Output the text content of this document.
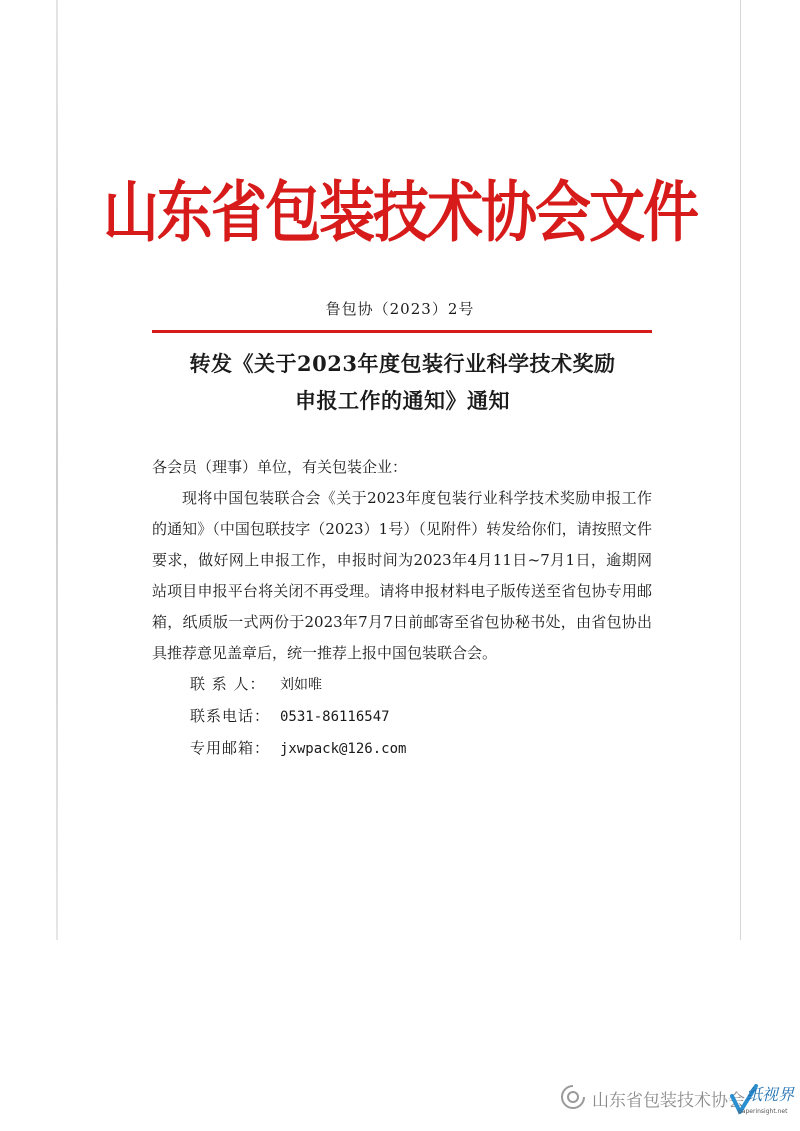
山东省包装技术协会文件
鲁包协（2023）2号
转发《关于2023年度包装行业科学技术奖励
申报工作的通知》通知

各会员（理事）单位，有关包装企业：

现将中国包装联合会《关于2023年度包装行业科学技术奖励申报工作的通知》（中国包联技字（2023）1号）（见附件）转发给你们，请按照文件要求，做好网上申报工作，申报时间为2023年4月11日~7月1日，逾期网站项目申报平台将关闭不再受理。请将申报材料电子版传送至省包协专用邮箱，纸质版一式两份于2023年7月7日前邮寄至省包协秘书处，由省包协出具推荐意见盖章后，统一推荐上报中国包装联合会。

联 系 人： 刘如唯

联系电话： 0531-86116547

专用邮箱： jxwpack@126.com

山东省包装技术协会 纸视界
paperinsight.net
